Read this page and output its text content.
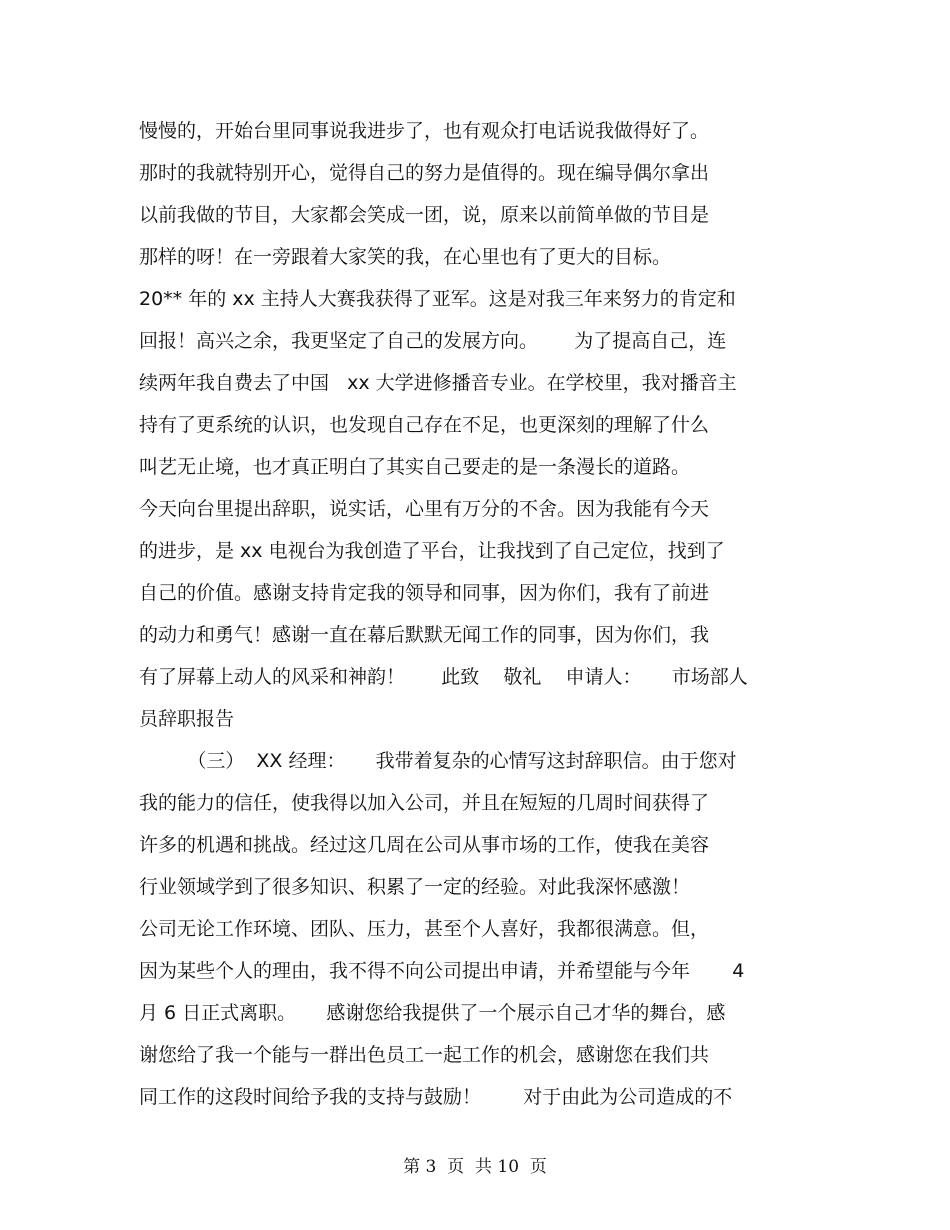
慢慢的，开始台里同事说我进步了，也有观众打电话说我做得好了。
那时的我就特别开心，觉得自己的努力是值得的。现在编导偶尔拿出
以前我做的节目，大家都会笑成一团，说，原来以前简单做的节目是
那样的呀！在一旁跟着大家笑的我，在心里也有了更大的目标。
20** 年的 xx 主持人大赛我获得了亚军。这是对我三年来努力的肯定和
回报！高兴之余，我更坚定了自己的发展方向。      为了提高自己，连
续两年我自费去了中国   xx 大学进修播音专业。在学校里，我对播音主
持有了更系统的认识，也发现自己存在不足，也更深刻的理解了什么
叫艺无止境，也才真正明白了其实自己要走的是一条漫长的道路。
今天向台里提出辞职，说实话，心里有万分的不舍。因为我能有今天
的进步，是 xx 电视台为我创造了平台，让我找到了自己定位，找到了
自己的价值。感谢支持肯定我的领导和同事，因为你们，我有了前进
的动力和勇气！感谢一直在幕后默默无闻工作的同事，因为你们，我
有了屏幕上动人的风采和神韵！      此致    敬礼    申请人：     市场部人
员辞职报告
（三）  XX 经理：     我带着复杂的心情写这封辞职信。由于您对
我的能力的信任，使我得以加入公司，并且在短短的几周时间获得了
许多的机遇和挑战。经过这几周在公司从事市场的工作，使我在美容
行业领域学到了很多知识、积累了一定的经验。对此我深怀感激！
公司无论工作环境、团队、压力，甚至个人喜好，我都很满意。但，
因为某些个人的理由，我不得不向公司提出申请，并希望能与今年       4
月 6 日正式离职。     感谢您给我提供了一个展示自己才华的舞台，感
谢您给了我一个能与一群出色员工一起工作的机会，感谢您在我们共
同工作的这段时间给予我的支持与鼓励！       对于由此为公司造成的不
第 3  页  共 10  页
